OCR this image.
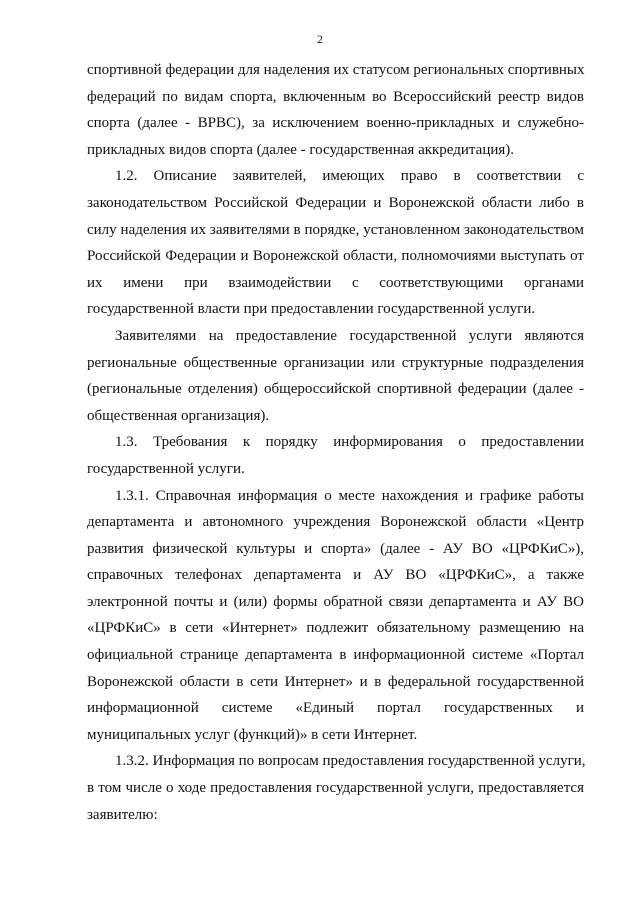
2
спортивной федерации для наделения их статусом региональных спортивных
федераций по видам спорта, включенным во Всероссийский реестр видов
спорта (далее - ВРВС), за исключением военно-прикладных и служебно-
прикладных видов спорта (далее - государственная аккредитация).
1.2. Описание заявителей, имеющих право в соответствии с
законодательством Российской Федерации и Воронежской области либо в
силу наделения их заявителями в порядке, установленном законодательством
Российской Федерации и Воронежской области, полномочиями выступать от
их имени при взаимодействии с соответствующими органами
государственной власти при предоставлении государственной услуги.
Заявителями на предоставление государственной услуги являются
региональные общественные организации или структурные подразделения
(региональные отделения) общероссийской спортивной федерации (далее -
общественная организация).
1.3. Требования к порядку информирования о предоставлении
государственной услуги.
1.3.1. Справочная информация о месте нахождения и графике работы
департамента и автономного учреждения Воронежской области «Центр
развития физической культуры и спорта» (далее - АУ ВО «ЦРФКиС»),
справочных телефонах департамента и АУ ВО «ЦРФКиС», а также
электронной почты и (или) формы обратной связи департамента и АУ ВО
«ЦРФКиС» в сети «Интернет» подлежит обязательному размещению на
официальной странице департамента в информационной системе «Портал
Воронежской области в сети Интернет» и в федеральной государственной
информационной системе «Единый портал государственных и
муниципальных услуг (функций)» в сети Интернет.
1.3.2. Информация по вопросам предоставления государственной услуги,
в том числе о ходе предоставления государственной услуги, предоставляется
заявителю:
